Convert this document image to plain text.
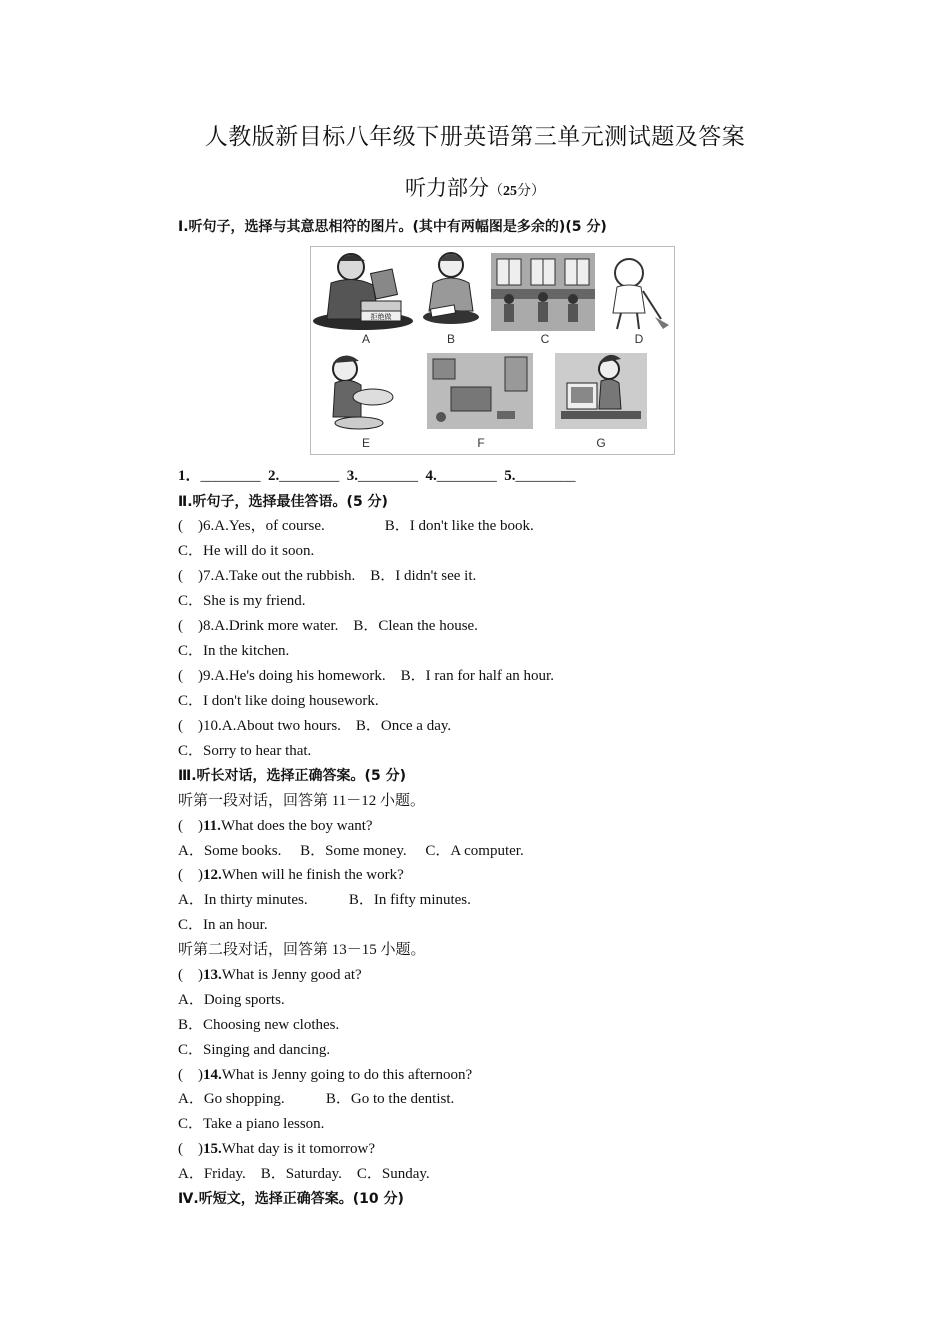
人教版新目标八年级下册英语第三单元测试题及答案
听力部分（25分）
Ⅰ.听句子，选择与其意思相符的图片。(其中有两幅图是多余的)(5 分)
1．________ 2.________ 3.________ 4.________ 5.________
Ⅱ.听句子，选择最佳答语。(5 分)
(    )6.A.Yes，of course.                B．I don't like the book.
C．He will do it soon.
(    )7.A.Take out the rubbish.    B．I didn't see it.
C．She is my friend.
(    )8.A.Drink more water.    B．Clean the house.
C．In the kitchen.
(    )9.A.He's doing his homework.    B．I ran for half an hour.
C．I don't like doing housework.
(    )10.A.About two hours.    B．Once a day.
C．Sorry to hear that.
Ⅲ.听长对话，选择正确答案。(5 分)
听第一段对话，回答第 11－12 小题。
(    )11.What does the boy want?
A．Some books.     B．Some money.     C．A computer.
(    )12.When will he finish the work?
A．In thirty minutes.           B．In fifty minutes.
C．In an hour.
听第二段对话，回答第 13－15 小题。
(    )13.What is Jenny good at?
A．Doing sports.
B．Choosing new clothes.
C．Singing and dancing.
(    )14.What is Jenny going to do this afternoon?
A．Go shopping.           B．Go to the dentist.
C．Take a piano lesson.
(    )15.What day is it tomorrow?
A．Friday.    B．Saturday.    C．Sunday.
Ⅳ.听短文，选择正确答案。(10 分)
拒绝做
A	B	C	D
E	F	G
